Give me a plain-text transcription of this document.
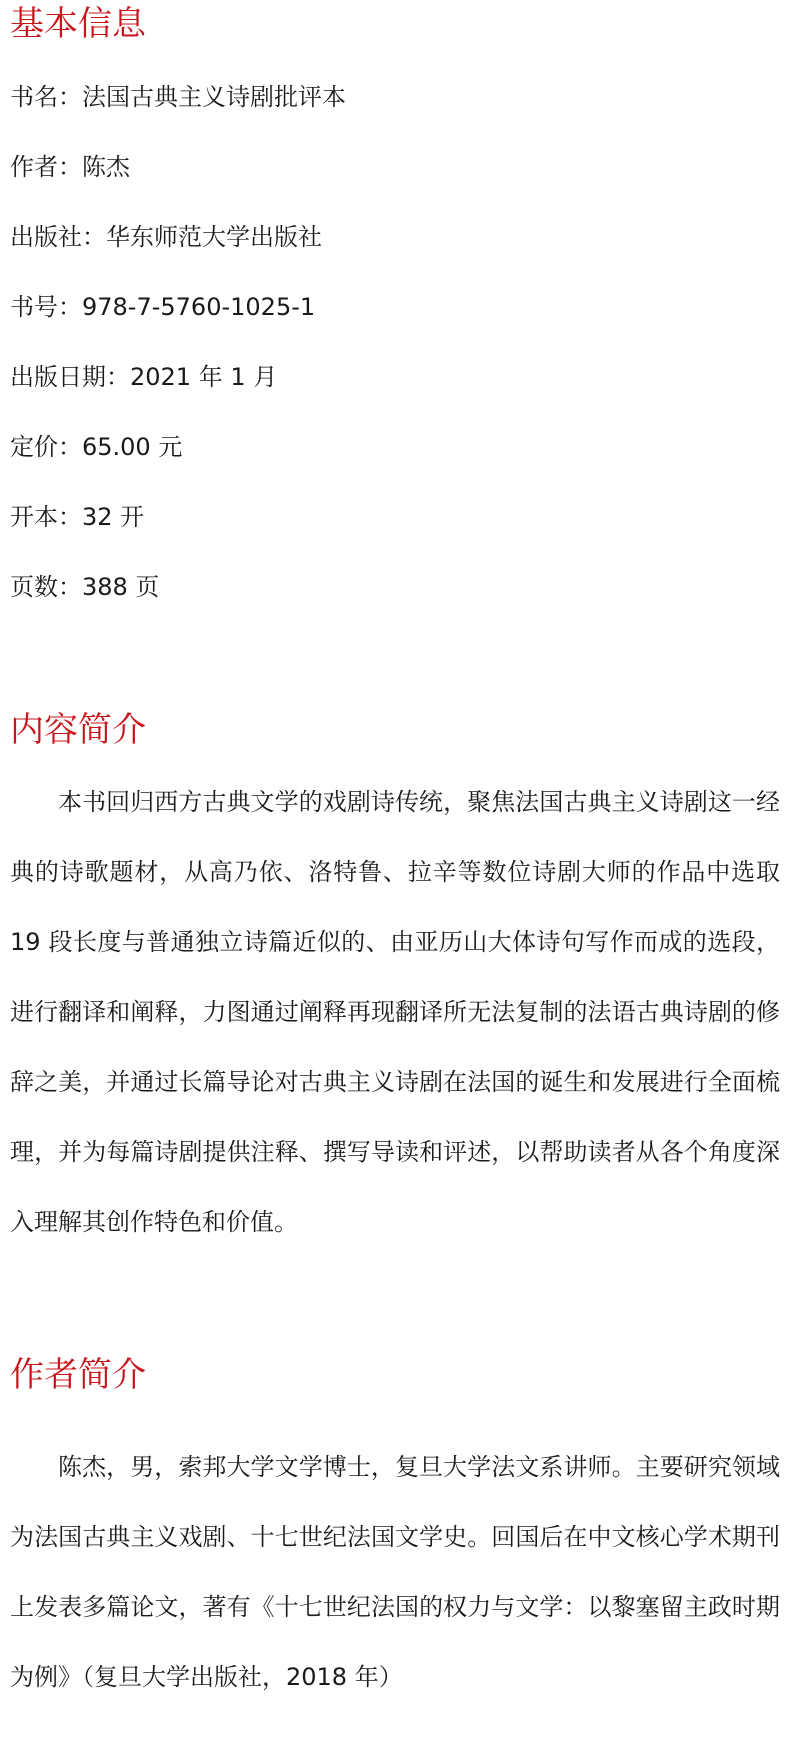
基本信息
书名：法国古典主义诗剧批评本
作者：陈杰
出版社：华东师范大学出版社
书号：978-7-5760-1025-1
出版日期：2021 年 1 月
定价：65.00 元
开本：32 开
页数：388 页
内容简介

本书回归西方古典文学的戏剧诗传统，聚焦法国古典主义诗剧这一经典的诗歌题材，从高乃依、洛特鲁、拉辛等数位诗剧大师的作品中选取 19 段长度与普通独立诗篇近似的、由亚历山大体诗句写作而成的选段，进行翻译和阐释，力图通过阐释再现翻译所无法复制的法语古典诗剧的修辞之美，并通过长篇导论对古典主义诗剧在法国的诞生和发展进行全面梳理，并为每篇诗剧提供注释、撰写导读和评述，以帮助读者从各个角度深入理解其创作特色和价值。

作者简介

陈杰，男，索邦大学文学博士，复旦大学法文系讲师。主要研究领域为法国古典主义戏剧、十七世纪法国文学史。回国后在中文核心学术期刊上发表多篇论文，著有《十七世纪法国的权力与文学：以黎塞留主政时期为例》（复旦大学出版社，2018 年）
